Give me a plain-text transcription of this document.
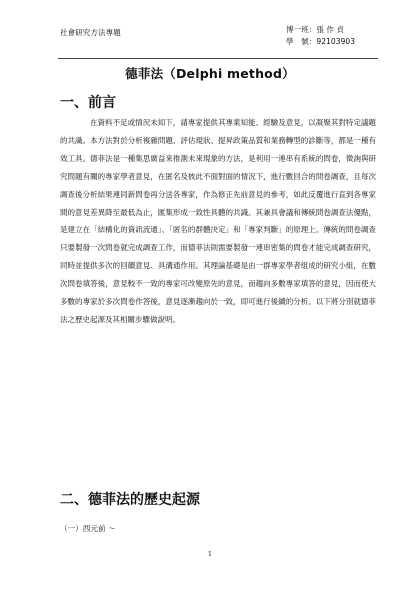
社會研究方法專題	博一班：張 作 貞
學　號：92103903
德菲法（Delphi method）
一、前言

在資料不足或情況未知下，請專家提供其專業知能、經驗及意見，以凝聚其對特定議題的共識。本方法對於分析複雜問題、評估現狀、提昇政策品質和業務轉型的診斷等，都是一種有效工具。德菲法是一種集思廣益來推測未來現象的方法，是利用一連串有系統的問卷，徵詢與研究問題有關的專家學者意見，在匿名及彼此不面對面的情況下，進行數回合的問卷調查，且每次調查後分析結果連同新問卷再分送各專家，作為修正先前意見的參考，如此反覆進行直到各專家間的意見差異降至最低為止，匯集形成一致性具體的共識。其兼具會議和傳統問卷調查法優點，是建立在「結構化的資訊流通」、「匿名的群體決定」和「專家判斷」的原理上。傳統的問卷調查只要製發一次問卷就完成調查工作，而德菲法則需要製發一連串密集的問卷才能完成調查研究，同時並提供多次的回饋意見、具溝通作用。其理論基礎是由一群專家學者組成的研究小組，在數次問卷填答後，意見較不一致的專家可改變原先的意見，而趨向多數專家填答的意見，因而使大多數的專家於多次問卷作答後，意見逐漸趨向於一致，即可進行後續的分析。以下將分別就德菲法之歷史起源及其相關步驟做說明。

二、德菲法的歷史起源
（一）西元前 ～
1
